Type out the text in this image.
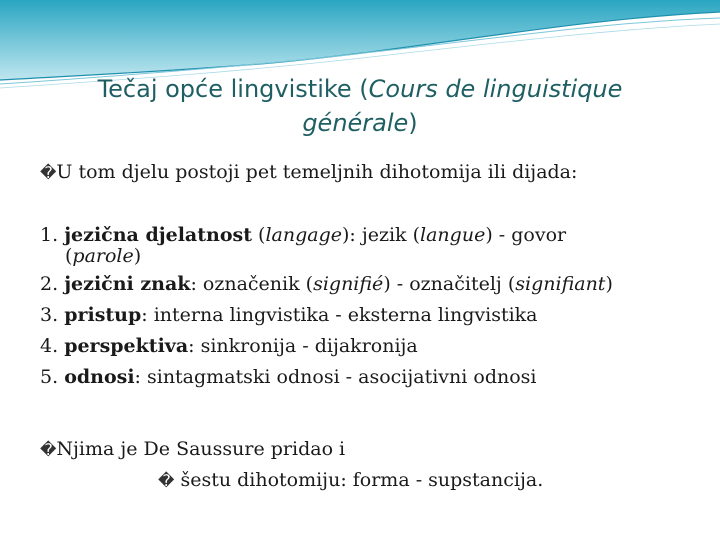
Tečaj opće lingvistike (Cours de linguistique générale)
�U tom djelu postoji pet temeljnih dihotomija ili dijada:
1. jezična djelatnost (langage): jezik (langue) - govor
(parole)
2. jezični znak: označenik (signifié) - označitelj (signifiant)
3. pristup: interna lingvistika - eksterna lingvistika
4. perspektiva: sinkronija - dijakronija
5. odnosi: sintagmatski odnosi - asocijativni odnosi
�Njima je De Saussure pridao i
� šestu dihotomiju: forma - supstancija.
